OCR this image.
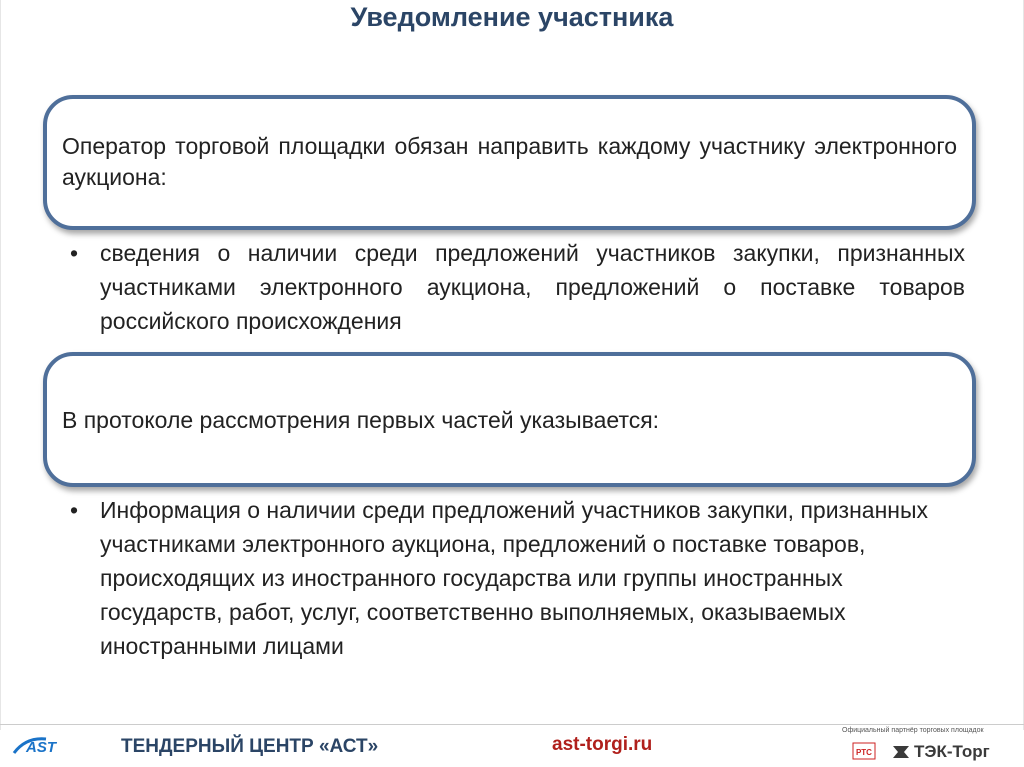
Уведомление участника
Оператор торговой площадки обязан направить каждому участнику электронного аукциона:
• сведения о наличии среди предложений участников закупки, признанных участниками электронного аукциона, предложений о поставке товаров российского происхождения
В протоколе рассмотрения первых частей указывается:
• Информация о наличии среди предложений участников закупки, признанных участниками электронного аукциона, предложений о поставке товаров, происходящих из иностранного государства или группы иностранных государств, работ, услуг, соответственно выполняемых, оказываемых иностранными лицами
AST	ТЕНДЕРНЫЙ ЦЕНТР «АСТ»	ast-torgi.ru
Официальный партнёр торговых площадок
РТС ТЭК-Торг
